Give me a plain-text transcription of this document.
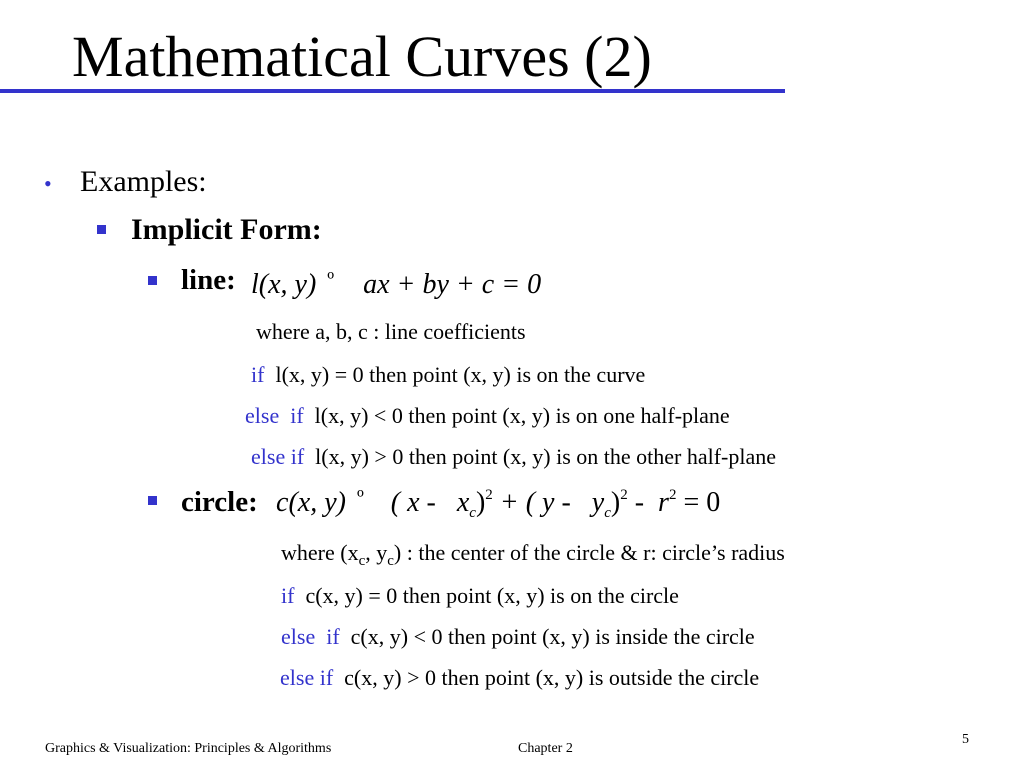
Mathematical Curves (2)
• Examples:
Implicit Form:
line: l(x, y) $^º$ ax + by + c = 0
where a, b, c : line coefficients
if l(x, y) = 0 then point (x, y) is on the curve
else  if l(x, y) < 0 then point (x, y) is on one half-plane
else if l(x, y) > 0 then point (x, y) is on the other half-plane
circle: c(x, y) $^º$ ( x -   $x_c)^2$ + ( $y - y_c)^2 - r^2 = 0$
where ($x_c$, $y_c$) : the center of the circle & r: circle’s radius
if c(x, y) = 0 then point (x, y) is on the circle
else  if c(x, y) < 0 then point (x, y) is inside the circle
else if c(x, y) > 0 then point (x, y) is outside the circle
Graphics & Visualization: Principles & Algorithms	Chapter 2
5
